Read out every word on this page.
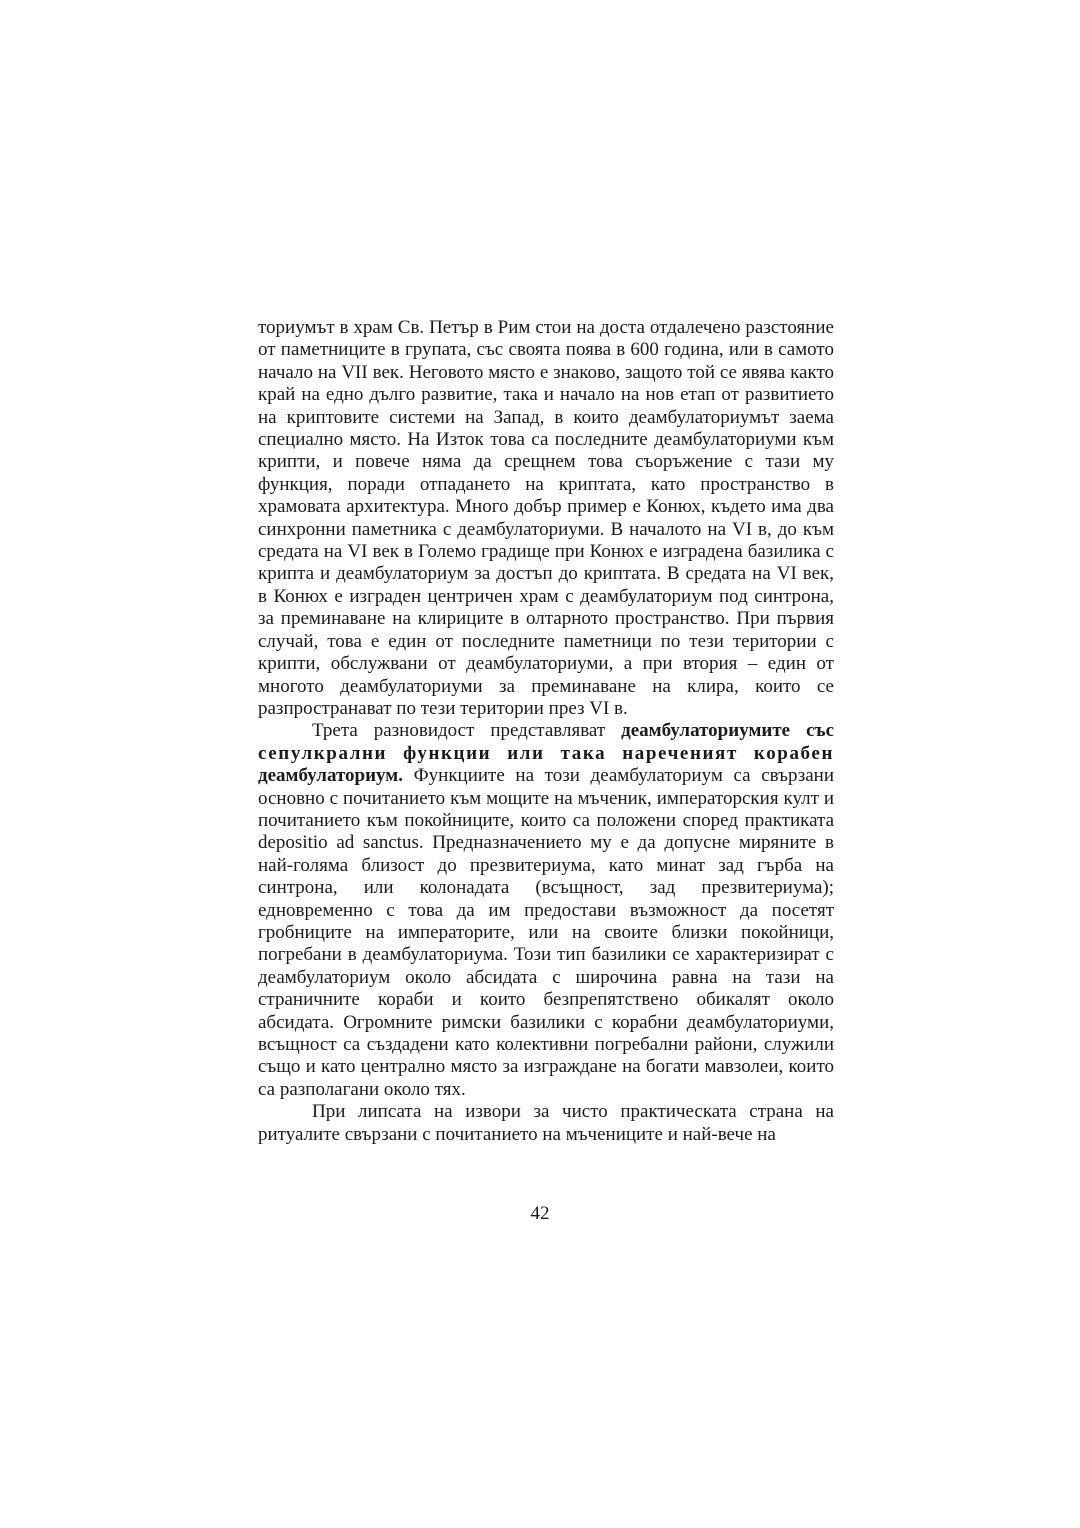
ториумът в храм Св. Петър в Рим стои на доста отдалечено разстояние от паметниците в групата, със своята поява в 600 година, или в самото начало на VII век. Неговото място е знаково, защото той се явява както край на едно дълго развитие, така и начало на нов етап от развитието на криптовите системи на Запад, в които деамбулаториумът заема специално място. На Изток това са последните деамбулаториуми към крипти, и повече няма да срещнем това съоръжение с тази му функция, поради отпадането на криптата, като пространство в храмовата архитектура. Много добър пример е Конюх, където има два синхронни паметника с деамбулаториуми. В началото на VI в, до към средата на VI век в Големо градище при Конюх е изградена базилика с крипта и деамбулаториум за достъп до криптата. В средата на VI век, в Конюх е изграден центричен храм с деамбулаториум под синтрона, за преминаване на клириците в олтарното пространство. При първия случай, това е един от последните паметници по тези територии с крипти, обслужвани от деамбулаториуми, а при втория – един от многото деамбулаториуми за преминаване на клира, които се разпространават по тези територии през VI в.

Трета разновидост представляват деамбулаториумите със сепулкрални функции или така нареченият корабен деамбулаториум. Функциите на този деамбулаториум са свързани основно с почитанието към мощите на мъченик, императорския култ и почитанието към покойниците, които са положени според практиката depositio ad sanctus. Предназначението му е да допусне миряните в най-голяма близост до презвитериума, като минат зад гърба на синтрона, или колонадата (всъщност, зад презвитериума); едновременно с това да им предостави възможност да посетят гробниците на императорите, или на своите близки покойници, погребани в деамбулаториума. Този тип базилики се характеризират с деамбулаториум около абсидата с широчина равна на тази на страничните кораби и които безпрепятствено обикалят около абсидата. Огромните римски базилики с корабни деамбулаториуми, всъщност са създадени като колективни погребални райони, служили също и като централно място за изграждане на богати мавзолеи, които са разполагани около тях.

При липсата на извори за чисто практическата страна на ритуалите свързани с почитанието на мъчениците и най-вече на

42
